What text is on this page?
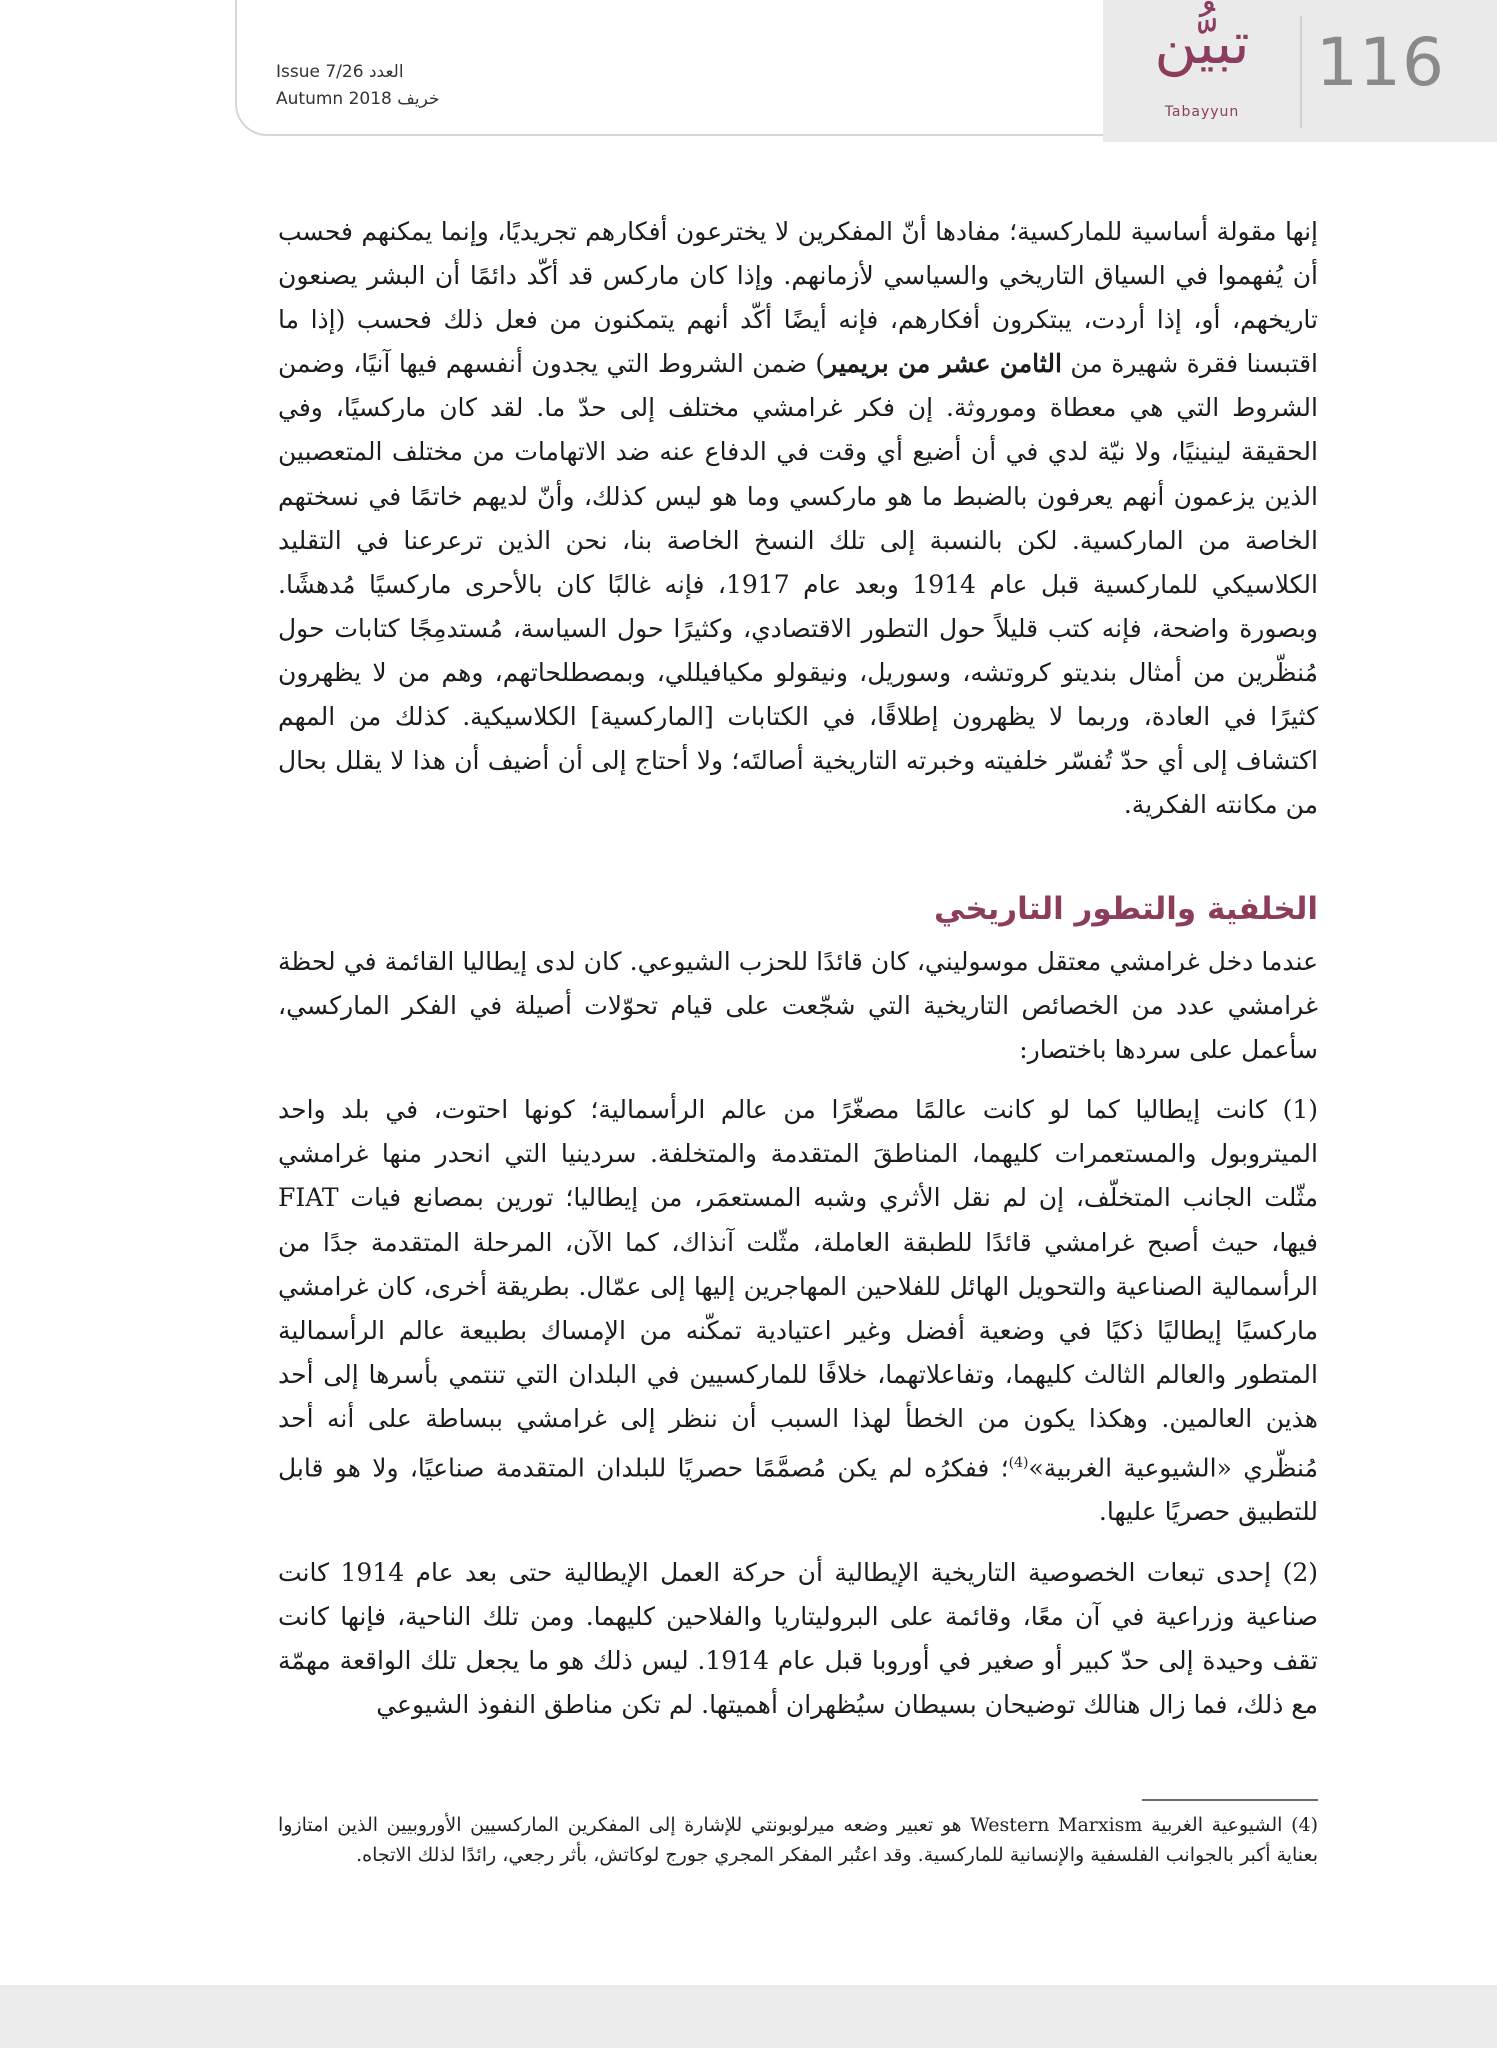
116
تبيُّن
Tabayyun
Issue 7/26 العدد
Autumn 2018 خريف

إنها مقولة أساسية للماركسية؛ مفادها أنّ المفكرين لا يخترعون أفكارهم تجريديًا، وإنما يمكنهم فحسب أن يُفهموا في السياق التاريخي والسياسي لأزمانهم. وإذا كان ماركس قد أكّد دائمًا أن البشر يصنعون تاريخهم، أو، إذا أردت، يبتكرون أفكارهم، فإنه أيضًا أكّد أنهم يتمكنون من فعل ذلك فحسب (إذا ما اقتبسنا فقرة شهيرة من الثامن عشر من بريمير) ضمن الشروط التي يجدون أنفسهم فيها آنيًا، وضمن الشروط التي هي معطاة وموروثة. إن فكر غرامشي مختلف إلى حدّ ما. لقد كان ماركسيًا، وفي الحقيقة لينينيًا، ولا نيّة لدي في أن أضيع أي وقت في الدفاع عنه ضد الاتهامات من مختلف المتعصبين الذين يزعمون أنهم يعرفون بالضبط ما هو ماركسي وما هو ليس كذلك، وأنّ لديهم خاتمًا في نسختهم الخاصة من الماركسية. لكن بالنسبة إلى تلك النسخ الخاصة بنا، نحن الذين ترعرعنا في التقليد الكلاسيكي للماركسية قبل عام 1914 وبعد عام 1917، فإنه غالبًا كان بالأحرى ماركسيًا مُدهشًا. وبصورة واضحة، فإنه كتب قليلاً حول التطور الاقتصادي، وكثيرًا حول السياسة، مُستدمِجًا كتابات حول مُنظّرين من أمثال بنديتو كروتشه، وسوريل، ونيقولو مكيافيللي، وبمصطلحاتهم، وهم من لا يظهرون كثيرًا في العادة، وربما لا يظهرون إطلاقًا، في الكتابات [الماركسية] الكلاسيكية. كذلك من المهم اكتشاف إلى أي حدّ تُفسّر خلفيته وخبرته التاريخية أصالتَه؛ ولا أحتاج إلى أن أضيف أن هذا لا يقلل بحال من مكانته الفكرية.

الخلفية والتطور التاريخي

عندما دخل غرامشي معتقل موسوليني، كان قائدًا للحزب الشيوعي. كان لدى إيطاليا القائمة في لحظة غرامشي عدد من الخصائص التاريخية التي شجّعت على قيام تحوّلات أصيلة في الفكر الماركسي، سأعمل على سردها باختصار:

(1) كانت إيطاليا كما لو كانت عالمًا مصغّرًا من عالم الرأسمالية؛ كونها احتوت، في بلد واحد الميتروبول والمستعمرات كليهما، المناطقَ المتقدمة والمتخلفة. سردينيا التي انحدر منها غرامشي مثّلت الجانب المتخلّف، إن لم نقل الأثري وشبه المستعمَر، من إيطاليا؛ تورين بمصانع فيات FIAT فيها، حيث أصبح غرامشي قائدًا للطبقة العاملة، مثّلت آنذاك، كما الآن، المرحلة المتقدمة جدًا من الرأسمالية الصناعية والتحويل الهائل للفلاحين المهاجرين إليها إلى عمّال. بطريقة أخرى، كان غرامشي ماركسيًا إيطاليًا ذكيًا في وضعية أفضل وغير اعتيادية تمكّنه من الإمساك بطبيعة عالم الرأسمالية المتطور والعالم الثالث كليهما، وتفاعلاتهما، خلافًا للماركسيين في البلدان التي تنتمي بأسرها إلى أحد هذين العالمين. وهكذا يكون من الخطأ لهذا السبب أن ننظر إلى غرامشي ببساطة على أنه أحد مُنظّري «الشيوعية الغربية»$^{(4)}$؛ ففكرُه لم يكن مُصمَّمًا حصريًا للبلدان المتقدمة صناعيًا، ولا هو قابل للتطبيق حصريًا عليها.

(2) إحدى تبعات الخصوصية التاريخية الإيطالية أن حركة العمل الإيطالية حتى بعد عام 1914 كانت صناعية وزراعية في آن معًا، وقائمة على البروليتاريا والفلاحين كليهما. ومن تلك الناحية، فإنها كانت تقف وحيدة إلى حدّ كبير أو صغير في أوروبا قبل عام 1914. ليس ذلك هو ما يجعل تلك الواقعة مهمّة مع ذلك، فما زال هنالك توضيحان بسيطان سيُظهران أهميتها. لم تكن مناطق النفوذ الشيوعي

(4) الشيوعية الغربية Western Marxism هو تعبير وضعه ميرلوبونتي للإشارة إلى المفكرين الماركسيين الأوروبيين الذين امتازوا بعناية أكبر بالجوانب الفلسفية والإنسانية للماركسية. وقد اعتُبر المفكر المجري جورج لوكاتش، بأثر رجعي، رائدًا لذلك الاتجاه.
